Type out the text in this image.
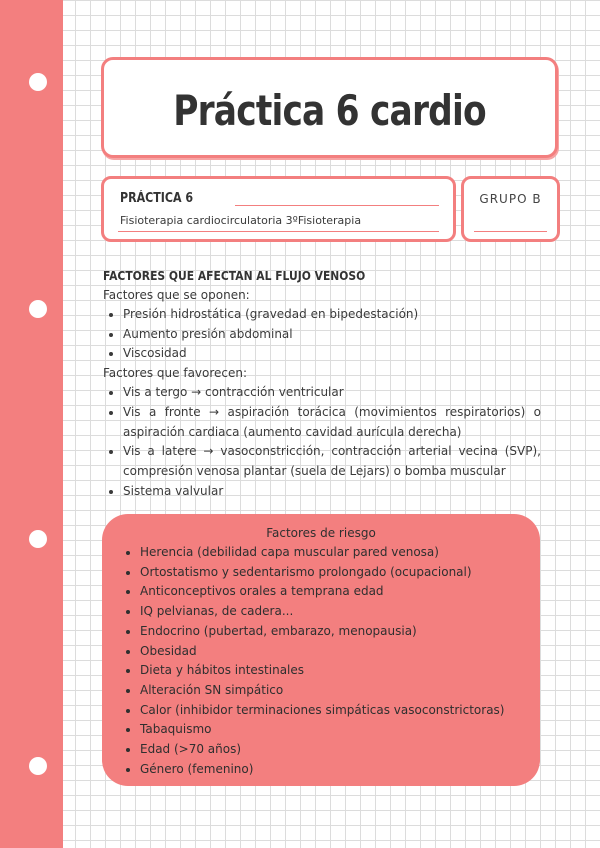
Práctica 6 cardio
PRÁCTICA 6
Fisioterapia cardiocirculatoria 3ºFisioterapia
GRUPO B
FACTORES QUE AFECTAN AL FLUJO VENOSO
Factores que se oponen:
• Presión hidrostática (gravedad en bipedestación)
• Aumento presión abdominal
• Viscosidad
Factores que favorecen:
• Vis a tergo → contracción ventricular
• Vis a fronte → aspiración torácica (movimientos respiratorios) o aspiración cardiaca (aumento cavidad aurícula derecha)
• Vis a latere → vasoconstricción, contracción arterial vecina (SVP), compresión venosa plantar (suela de Lejars) o bomba muscular
• Sistema valvular
Factores de riesgo
• Herencia (debilidad capa muscular pared venosa)
• Ortostatismo y sedentarismo prolongado (ocupacional)
• Anticonceptivos orales a temprana edad
• IQ pelvianas, de cadera...
• Endocrino (pubertad, embarazo, menopausia)
• Obesidad
• Dieta y hábitos intestinales
• Alteración SN simpático
• Calor (inhibidor terminaciones simpáticas vasoconstrictoras)
• Tabaquismo
• Edad (>70 años)
• Género (femenino)
